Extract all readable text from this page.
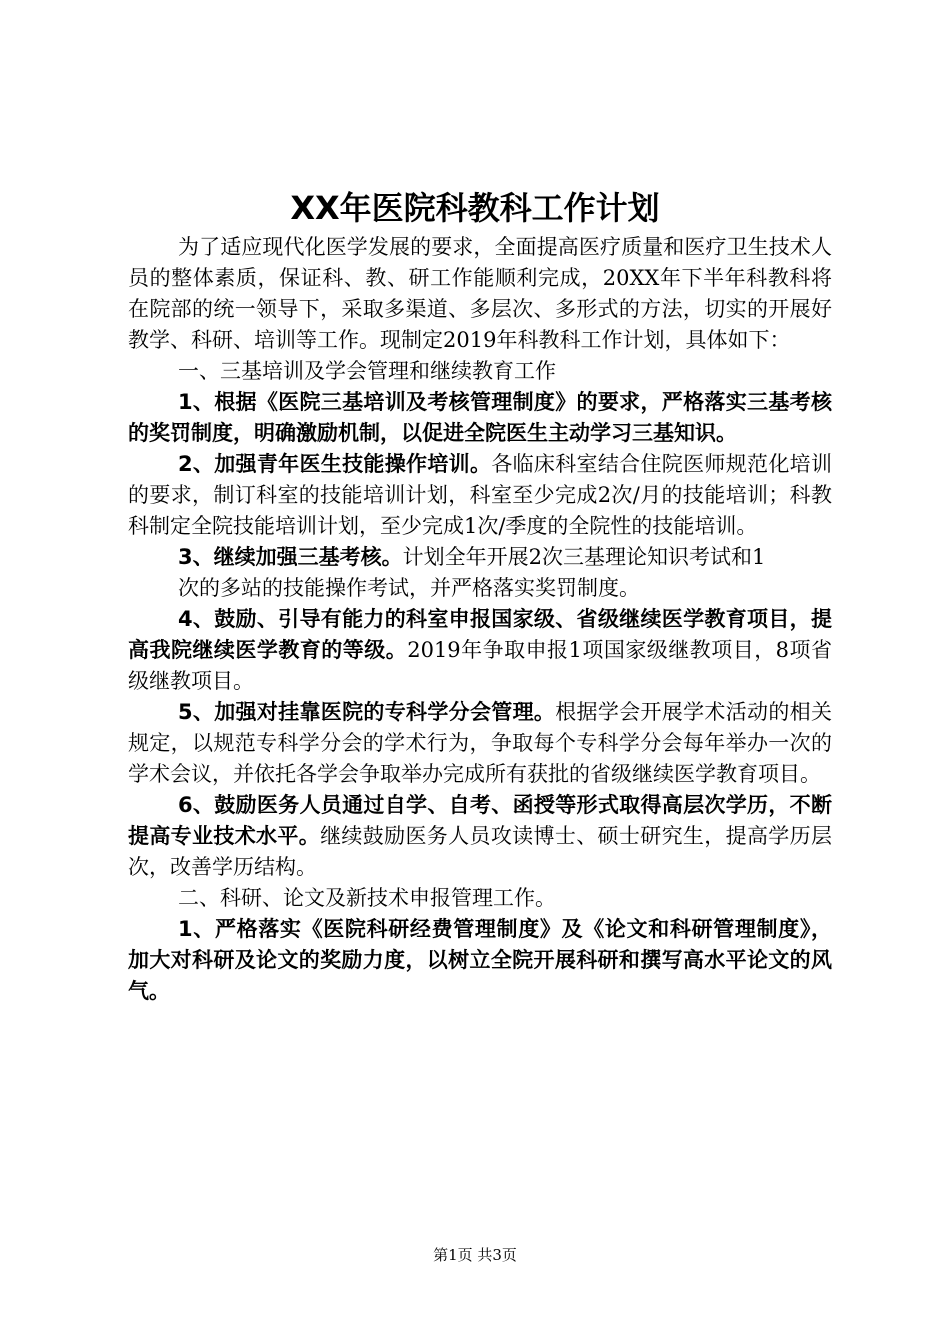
XX年医院科教科工作计划

为了适应现代化医学发展的要求，全面提高医疗质量和医疗卫生技术人员的整体素质，保证科、教、研工作能顺利完成，20XX年下半年科教科将在院部的统一领导下，采取多渠道、多层次、多形式的方法，切实的开展好教学、科研、培训等工作。现制定2019年科教科工作计划，具体如下：

一、三基培训及学会管理和继续教育工作

1、根据《医院三基培训及考核管理制度》的要求，严格落实三基考核的奖罚制度，明确激励机制，以促进全院医生主动学习三基知识。

2、加强青年医生技能操作培训。各临床科室结合住院医师规范化培训的要求，制订科室的技能培训计划，科室至少完成2次/月的技能培训；科教科制定全院技能培训计划，至少完成1次/季度的全院性的技能培训。

3、继续加强三基考核。计划全年开展2次三基理论知识考试和1

次的多站的技能操作考试，并严格落实奖罚制度。

4、鼓励、引导有能力的科室申报国家级、省级继续医学教育项目，提高我院继续医学教育的等级。2019年争取申报1项国家级继教项目，8项省级继教项目。

5、加强对挂靠医院的专科学分会管理。根据学会开展学术活动的相关规定，以规范专科学分会的学术行为，争取每个专科学分会每年举办一次的学术会议，并依托各学会争取举办完成所有获批的省级继续医学教育项目。

6、鼓励医务人员通过自学、自考、函授等形式取得高层次学历，不断提高专业技术水平。继续鼓励医务人员攻读博士、硕士研究生，提高学历层次，改善学历结构。

二、科研、论文及新技术申报管理工作。

1、严格落实《医院科研经费管理制度》及《论文和科研管理制度》，加大对科研及论文的奖励力度，以树立全院开展科研和撰写高水平论文的风气。

第1页 共3页
